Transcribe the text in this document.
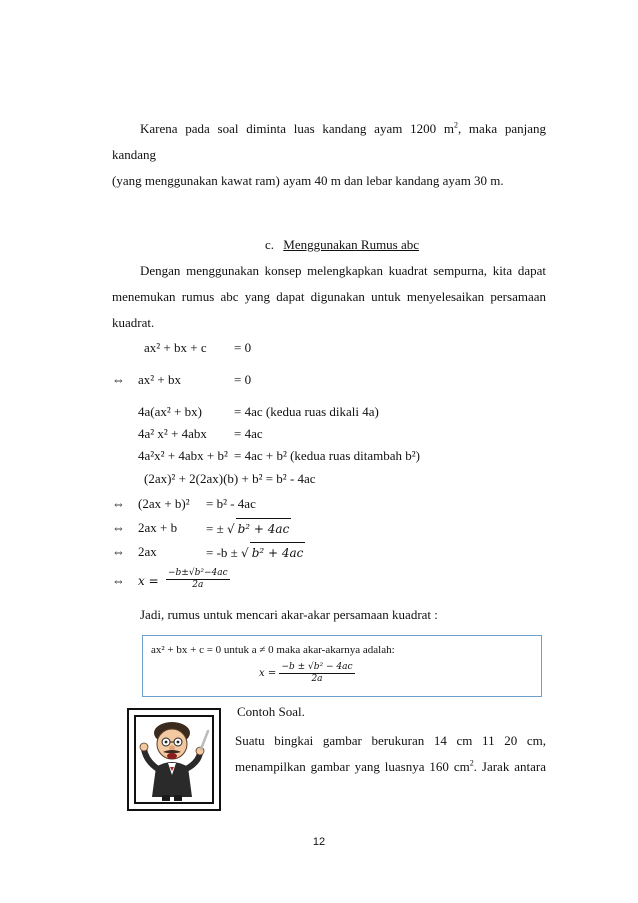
Karena pada soal diminta luas kandang ayam 1200 $m^2$, maka panjang kandang
(yang menggunakan kawat ram) ayam 40 m dan lebar kandang ayam 30 m.
c. Menggunakan Rumus abc
Dengan menggunakan konsep melengkapkan kuadrat sempurna, kita dapat menemukan rumus abc yang dapat digunakan untuk menyelesaikan persamaan kuadrat.
ax² + bx + c = 0
⇔ ax² + bx	= 0
4a(ax² + bx) = 4ac (kedua ruas dikali 4a)
4a² x² + 4abx = 4ac
4a²x² + 4abx + b² = 4ac + b² (kedua ruas ditambah b²)
(2ax)² + 2(2ax)(b) + b² = b² - 4ac
⇔ (2ax + b)² = b² - 4ac
⇔ 2ax + b = ± √ b² + 4ac
⇔ 2ax	= -b ± √ b² + 4ac
⇔ $x = \frac{\text{−b±√b²−4ac}}{2a}$
Jadi, rumus untuk mencari akar-akar persamaan kuadrat :
ax² + bx + c = 0 untuk a ≠ 0 maka akar-akarnya adalah:
$x = \frac{\text{−b ± √b² − 4ac}}{2a}$
Contoh Soal.
Suatu bingkai gambar berukuran 14 cm 11 20 cm,
menampilkan gambar yang luasnya 160 $cm^2$. Jarak antara
12
